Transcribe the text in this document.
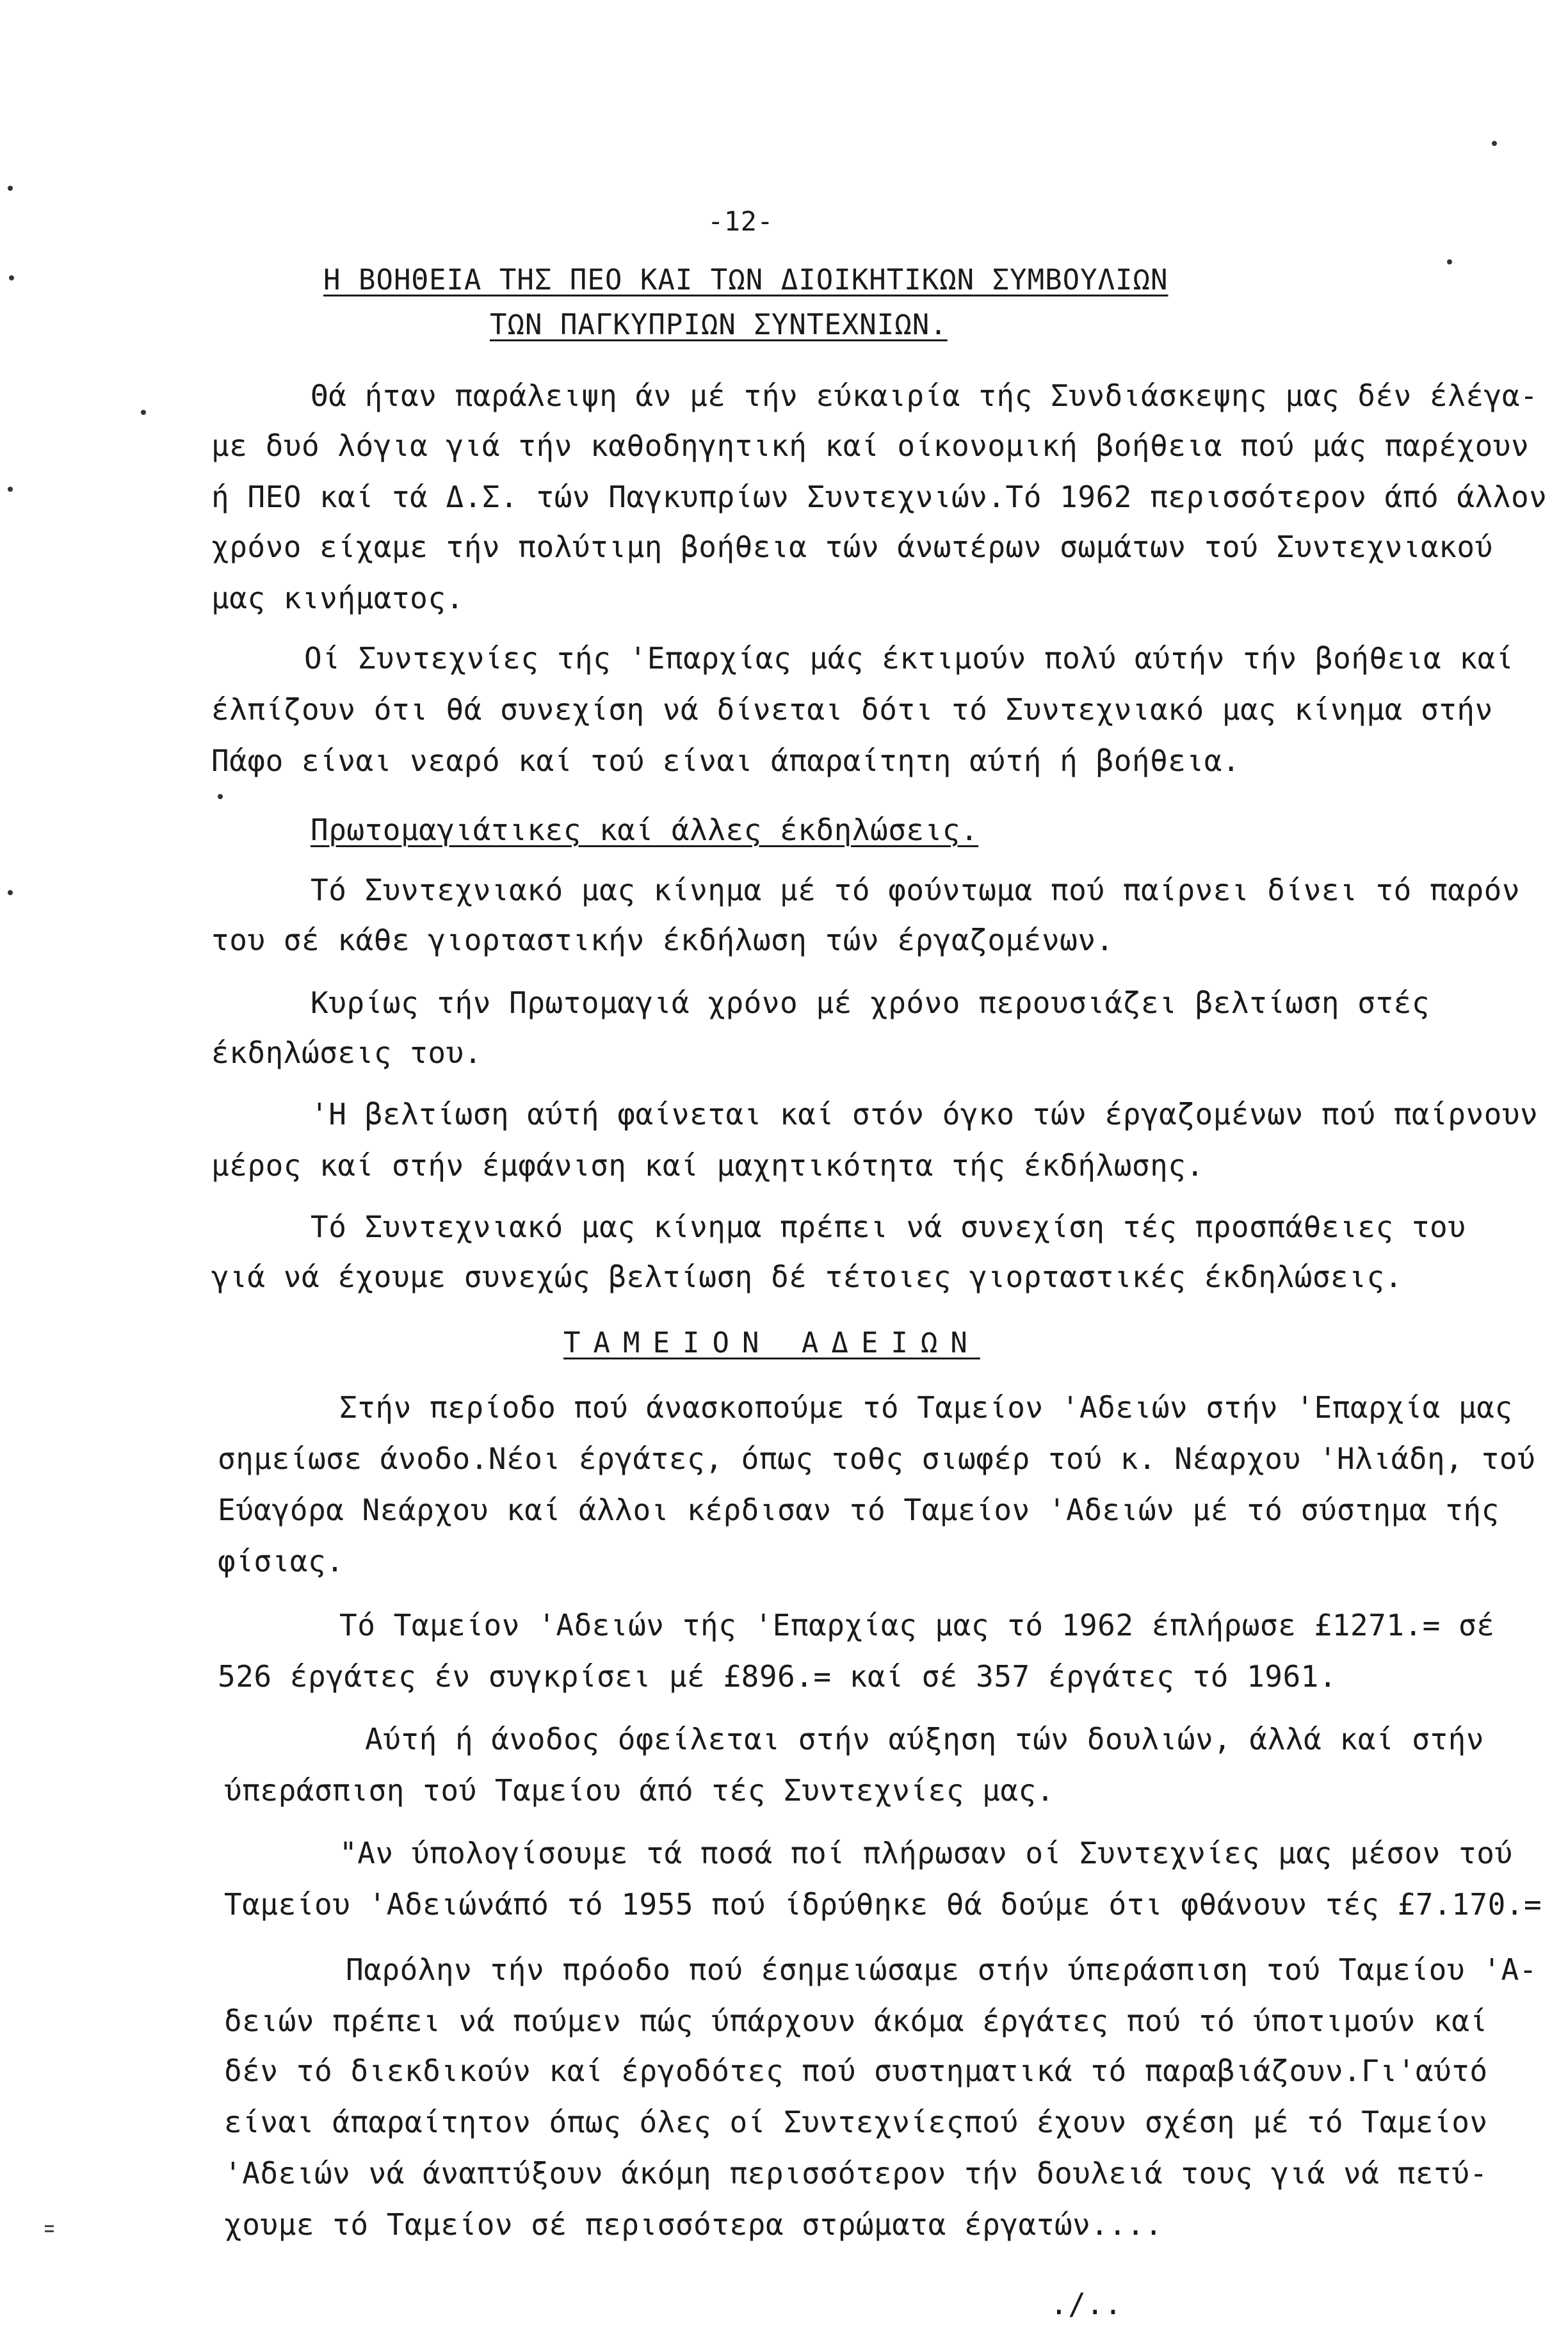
-12-
Η ΒΟΗΘΕΙΑ ΤΗΣ ΠΕΟ ΚΑΙ ΤΩΝ ΔΙΟΙΚΗΤΙΚΩΝ ΣΥΜΒΟΥΛΙΩΝ
ΤΩΝ ΠΑΓΚΥΠΡΙΩΝ ΣΥΝΤΕΧΝΙΩΝ.
Θά ήταν παράλειψη άν μέ τήν εύκαιρία τής Συνδιάσκεψης μας δέν έλέγα-
με δυό λόγια γιά τήν καθοδηγητική καί οίκονομική βοήθεια πού μάς παρέχουν
ή ΠΕΟ καί τά Δ.Σ. τών Παγκυπρίων Συντεχνιών.Τό 1962 περισσότερον άπό άλλον
χρόνο είχαμε τήν πολύτιμη βοήθεια τών άνωτέρων σωμάτων τού Συντεχνιακού
μας κινήματος.
Οί Συντεχνίες τής 'Επαρχίας μάς έκτιμούν πολύ αύτήν τήν βοήθεια καί
έλπίζουν ότι θά συνεχίση νά δίνεται δότι τό Συντεχνιακό μας κίνημα στήν
Πάφο είναι νεαρό καί τού είναι άπαραίτητη αύτή ή βοήθεια.
Πρωτομαγιάτικες καί άλλες έκδηλώσεις.
Τό Συντεχνιακό μας κίνημα μέ τό φούντωμα πού παίρνει δίνει τό παρόν
του σέ κάθε γιορταστικήν έκδήλωση τών έργαζομένων.
Κυρίως τήν Πρωτομαγιά χρόνο μέ χρόνο περουσιάζει βελτίωση στές
έκδηλώσεις του.
'Η βελτίωση αύτή φαίνεται καί στόν όγκο τών έργαζομένων πού παίρνουν
μέρος καί στήν έμφάνιση καί μαχητικότητα τής έκδήλωσης.
Τό Συντεχνιακό μας κίνημα πρέπει νά συνεχίση τές προσπάθειες του
γιά νά έχουμε συνεχώς βελτίωση δέ τέτοιες γιορταστικές έκδηλώσεις.
ΤΑΜΕΙΟΝ ΑΔΕΙΩΝ
Στήν περίοδο πού άνασκοπούμε τό Ταμείον 'Αδειών στήν 'Επαρχία μας
σημείωσε άνοδο.Νέοι έργάτες, όπως τοθς σιωφέρ τού κ. Νέαρχου 'Ηλιάδη, τού
Εύαγόρα Νεάρχου καί άλλοι κέρδισαν τό Ταμείον 'Αδειών μέ τό σύστημα τής
φίσιας.
Τό Ταμείον 'Αδειών τής 'Επαρχίας μας τό 1962 έπλήρωσε £1271.= σέ
526 έργάτες έν συγκρίσει μέ £896.= καί σέ 357 έργάτες τό 1961.
Αύτή ή άνοδος όφείλεται στήν αύξηση τών δουλιών, άλλά καί στήν
ύπεράσπιση τού Ταμείου άπό τές Συντεχνίες μας.
"Αν ύπολογίσουμε τά ποσά ποί πλήρωσαν οί Συντεχνίες μας μέσον τού
Ταμείου 'Αδειώνάπό τό 1955 πού ίδρύθηκε θά δούμε ότι φθάνουν τές £7.170.=
Παρόλην τήν πρόοδο πού έσημειώσαμε στήν ύπεράσπιση τού Ταμείου 'Α-
δειών πρέπει νά πούμεν πώς ύπάρχουν άκόμα έργάτες πού τό ύποτιμούν καί
δέν τό διεκδικούν καί έργοδότες πού συστηματικά τό παραβιάζουν.Γι'αύτό
είναι άπαραίτητον όπως όλες οί Συντεχνίεςπού έχουν σχέση μέ τό Ταμείον
'Αδειών νά άναπτύξουν άκόμη περισσότερον τήν δουλειά τους γιά νά πετύ-
χουμε τό Ταμείον σέ περισσότερα στρώματα έργατών....
./..
